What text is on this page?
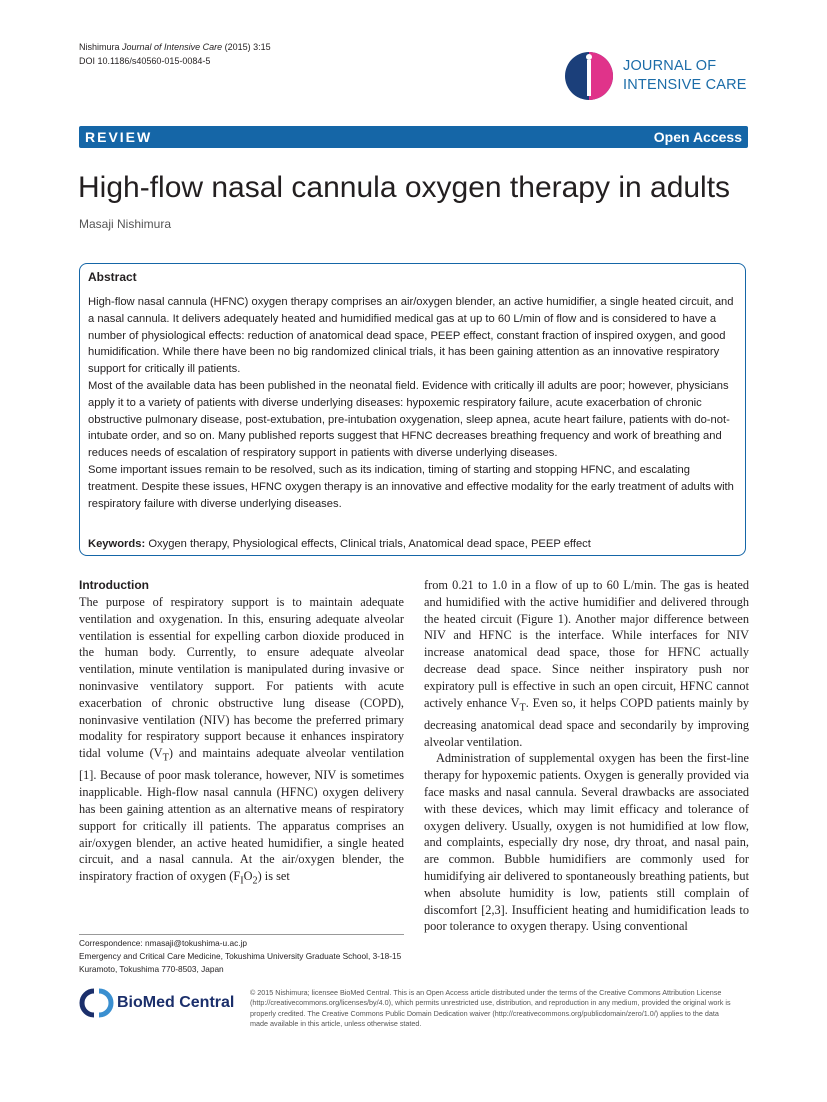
Nishimura Journal of Intensive Care (2015) 3:15
DOI 10.1186/s40560-015-0084-5	JOURNAL OF
INTENSIVE CARE
REVIEW	Open Access
High-flow nasal cannula oxygen therapy in adults
Masaji Nishimura
Abstract

High-flow nasal cannula (HFNC) oxygen therapy comprises an air/oxygen blender, an active humidifier, a single heated circuit, and a nasal cannula. It delivers adequately heated and humidified medical gas at up to 60 L/min of flow and is considered to have a number of physiological effects: reduction of anatomical dead space, PEEP effect, constant fraction of inspired oxygen, and good humidification. While there have been no big randomized clinical trials, it has been gaining attention as an innovative respiratory support for critically ill patients.

Most of the available data has been published in the neonatal field. Evidence with critically ill adults are poor; however, physicians apply it to a variety of patients with diverse underlying diseases: hypoxemic respiratory failure, acute exacerbation of chronic obstructive pulmonary disease, post-extubation, pre-intubation oxygenation, sleep apnea, acute heart failure, patients with do-not-intubate order, and so on. Many published reports suggest that HFNC decreases breathing frequency and work of breathing and reduces needs of escalation of respiratory support in patients with diverse underlying diseases.

Some important issues remain to be resolved, such as its indication, timing of starting and stopping HFNC, and escalating treatment. Despite these issues, HFNC oxygen therapy is an innovative and effective modality for the early treatment of adults with respiratory failure with diverse underlying diseases.

Keywords: Oxygen therapy, Physiological effects, Clinical trials, Anatomical dead space, PEEP effect
Introduction

The purpose of respiratory support is to maintain adequate ventilation and oxygenation. In this, ensuring adequate alveolar ventilation is essential for expelling carbon dioxide produced in the human body. Currently, to ensure adequate alveolar ventilation, minute ventilation is manipulated during invasive or noninvasive ventilatory support. For patients with acute exacerbation of chronic obstructive lung disease (COPD), noninvasive ventilation (NIV) has become the preferred primary modality for respiratory support because it enhances inspiratory tidal volume $(V_T)$ and maintains adequate alveolar ventilation [1]. Because of poor mask tolerance, however, NIV is sometimes inapplicable. High-flow nasal cannula (HFNC) oxygen delivery has been gaining attention as an alternative means of respiratory support for critically ill patients. The apparatus comprises an air/oxygen blender, an active heated humidifier, a single heated circuit, and a nasal cannula. At the air/oxygen blender, the inspiratory fraction of oxygen $(F_IO_2)$ is set

from 0.21 to 1.0 in a flow of up to 60 L/min. The gas is heated and humidified with the active humidifier and delivered through the heated circuit (Figure 1). Another major difference between NIV and HFNC is the interface. While interfaces for NIV increase anatomical dead space, those for HFNC actually decrease dead space. Since neither inspiratory push nor expiratory pull is effective in such an open circuit, HFNC cannot actively enhance $V_T$. Even so, it helps COPD patients mainly by decreasing anatomical dead space and secondarily by improving alveolar ventilation.

Administration of supplemental oxygen has been the first-line therapy for hypoxemic patients. Oxygen is generally provided via face masks and nasal cannula. Several drawbacks are associated with these devices, which may limit efficacy and tolerance of oxygen delivery. Usually, oxygen is not humidified at low flow, and complaints, especially dry nose, dry throat, and nasal pain, are common. Bubble humidifiers are commonly used for humidifying air delivered to spontaneously breathing patients, but when absolute humidity is low, patients still complain of discomfort [2,3]. Insufficient heating and humidification leads to poor tolerance to oxygen therapy. Using conventional

Correspondence: nmasaji@tokushima-u.ac.jp
Emergency and Critical Care Medicine, Tokushima University Graduate School, 3-18-15 Kuramoto, Tokushima 770-8503, Japan
BioMed Central
© 2015 Nishimura; licensee BioMed Central. This is an Open Access article distributed under the terms of the Creative Commons Attribution License (http://creativecommons.org/licenses/by/4.0), which permits unrestricted use, distribution, and reproduction in any medium, provided the original work is properly credited. The Creative Commons Public Domain Dedication waiver (http://creativecommons.org/publicdomain/zero/1.0/) applies to the data made available in this article, unless otherwise stated.
